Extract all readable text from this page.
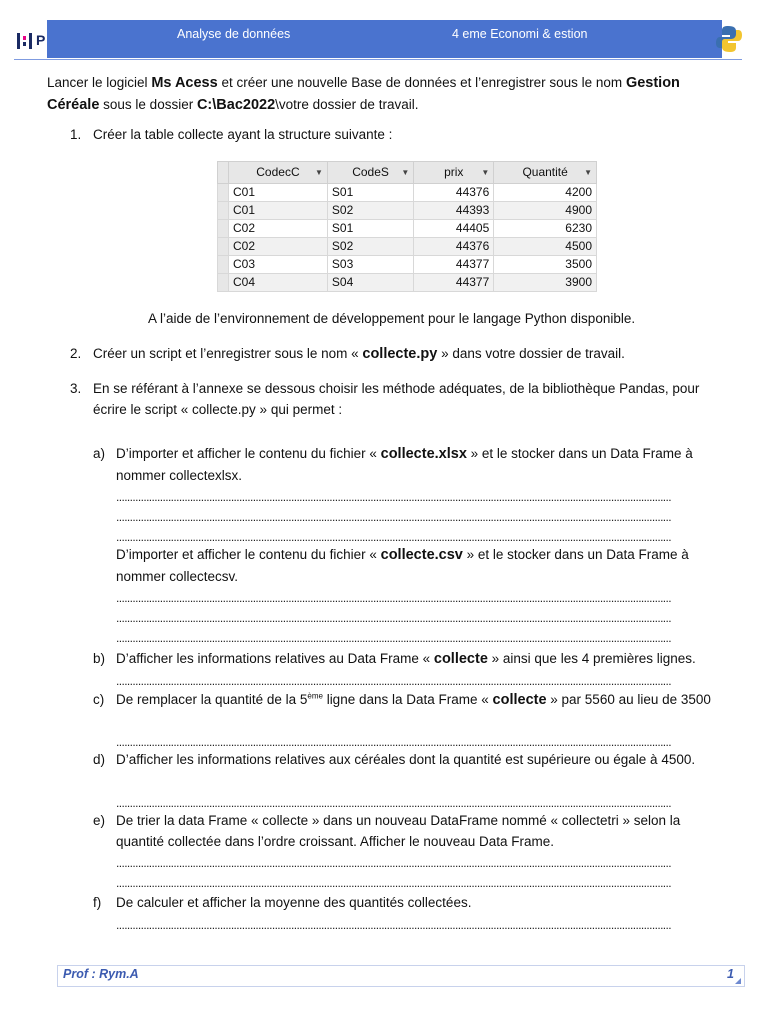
P	Analyse de données	4 eme Economi & estion

Lancer le logiciel Ms Acess et créer une nouvelle Base de données et l’enregistrer sous le nom Gestion Céréale sous le dossier C:\Bac2022\votre dossier de travail.

1. Créer la table collecte ayant la structure suivante :

	CodecC ▼	CodeS ▼	prix ▼	Quantité ▼

	C01	S01	44376	4200
	C01	S02	44393	4900
	C02	S01	44405	6230
	C02	S02	44376	4500
	C03	S03	44377	3500
	C04	S04	44377	3900

A l’aide de l’environnement de développement pour le langage Python disponible.

2. Créer un script et l’enregistrer sous le nom « collecte.py » dans votre dossier de travail.

3. En se référant à l’annexe se dessous choisir les méthode adéquates, de la bibliothèque Pandas, pour écrire le script « collecte.py » qui permet :

a) D’importer et afficher le contenu du fichier « collecte.xlsx » et le stocker dans un Data Frame à nommer collectexlsx.

...........................................................................................................................................................................................................
...........................................................................................................................................................................................................
...........................................................................................................................................................................................................

D’importer et afficher le contenu du fichier « collecte.csv » et le stocker dans un Data Frame à nommer collectecsv.

...........................................................................................................................................................................................................
...........................................................................................................................................................................................................
...........................................................................................................................................................................................................
b) D’afficher les informations relatives au Data Frame « collecte » ainsi que les 4 premières lignes.

...........................................................................................................................................................................................................
c) De remplacer la quantité de la 5ème ligne dans la Data Frame « collecte » par 5560 au lieu de 3500

...........................................................................................................................................................................................................
d) D’afficher les informations relatives aux céréales dont la quantité est supérieure ou égale à 4500.

...........................................................................................................................................................................................................
e) De trier la data Frame « collecte » dans un nouveau DataFrame nommé « collectetri » selon la quantité collectée dans l’ordre croissant. Afficher le nouveau Data Frame.

...........................................................................................................................................................................................................
...........................................................................................................................................................................................................
f) De calculer et afficher la moyenne des quantités collectées.

...........................................................................................................................................................................................................
Prof : Rym.A	1
